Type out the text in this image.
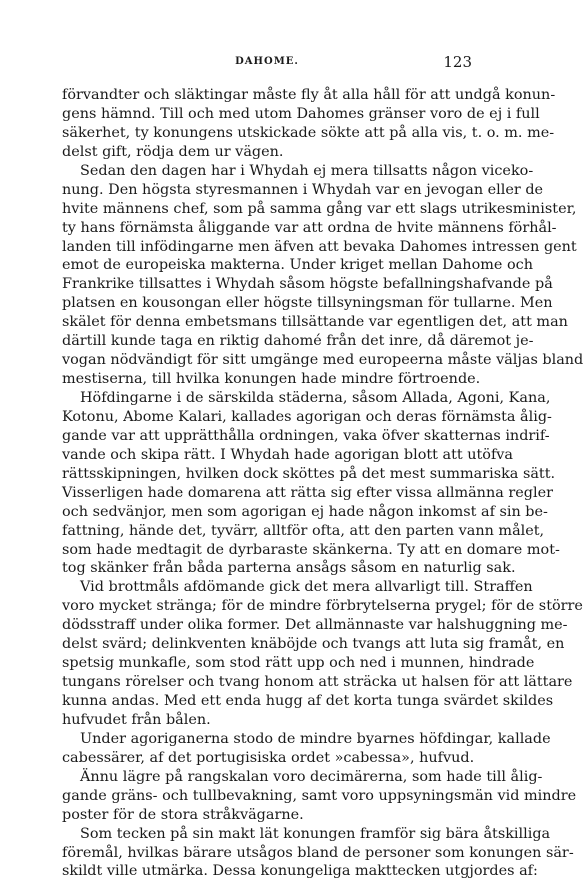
DAHOME.	123
förvandter och släktingar måste fly åt alla håll för att undgå konun-
gens hämnd. Till och med utom Dahomes gränser voro de ej i full
säkerhet, ty konungens utskickade sökte att på alla vis, t. o. m. me-
delst gift, rödja dem ur vägen.
Sedan den dagen har i Whydah ej mera tillsatts någon viceko-
nung. Den högsta styresmannen i Whydah var en jevogan eller de
hvite männens chef, som på samma gång var ett slags utrikesminister,
ty hans förnämsta åliggande var att ordna de hvite männens förhål-
landen till infödingarne men äfven att bevaka Dahomes intressen gent
emot de europeiska makterna. Under kriget mellan Dahome och
Frankrike tillsattes i Whydah såsom högste befallningshafvande på
platsen en kousongan eller högste tillsyningsman för tullarne. Men
skälet för denna embetsmans tillsättande var egentligen det, att man
därtill kunde taga en riktig dahomé från det inre, då däremot je-
vogan nödvändigt för sitt umgänge med europeerna måste väljas bland
mestiserna, till hvilka konungen hade mindre förtroende.
Höfdingarne i de särskilda städerna, såsom Allada, Agoni, Kana,
Kotonu, Abome Kalari, kallades agorigan och deras förnämsta ålig-
gande var att upprätthålla ordningen, vaka öfver skatternas indrif-
vande och skipa rätt. I Whydah hade agorigan blott att utöfva
rättsskipningen, hvilken dock sköttes på det mest summariska sätt.
Visserligen hade domarena att rätta sig efter vissa allmänna regler
och sedvänjor, men som agorigan ej hade någon inkomst af sin be-
fattning, hände det, tyvärr, alltför ofta, att den parten vann målet,
som hade medtagit de dyrbaraste skänkerna. Ty att en domare mot-
tog skänker från båda parterna ansågs såsom en naturlig sak.
Vid brottmåls afdömande gick det mera allvarligt till. Straffen
voro mycket stränga; för de mindre förbrytelserna prygel; för de större
dödsstraff under olika former. Det allmännaste var halshuggning me-
delst svärd; delinkventen knäböjde och tvangs att luta sig framåt, en
spetsig munkafle, som stod rätt upp och ned i munnen, hindrade
tungans rörelser och tvang honom att sträcka ut halsen för att lättare
kunna andas. Med ett enda hugg af det korta tunga svärdet skildes
hufvudet från bålen.
Under agoriganerna stodo de mindre byarnes höfdingar, kallade
cabessärer, af det portugisiska ordet »cabessa», hufvud.
Ännu lägre på rangskalan voro decimärerna, som hade till ålig-
gande gräns- och tullbevakning, samt voro uppsyningsmän vid mindre
poster för de stora stråkvägarne.
Som tecken på sin makt lät konungen framför sig bära åtskilliga
föremål, hvilkas bärare utsågos bland de personer som konungen sär-
skildt ville utmärka. Dessa konungeliga makttecken utgjordes af:
